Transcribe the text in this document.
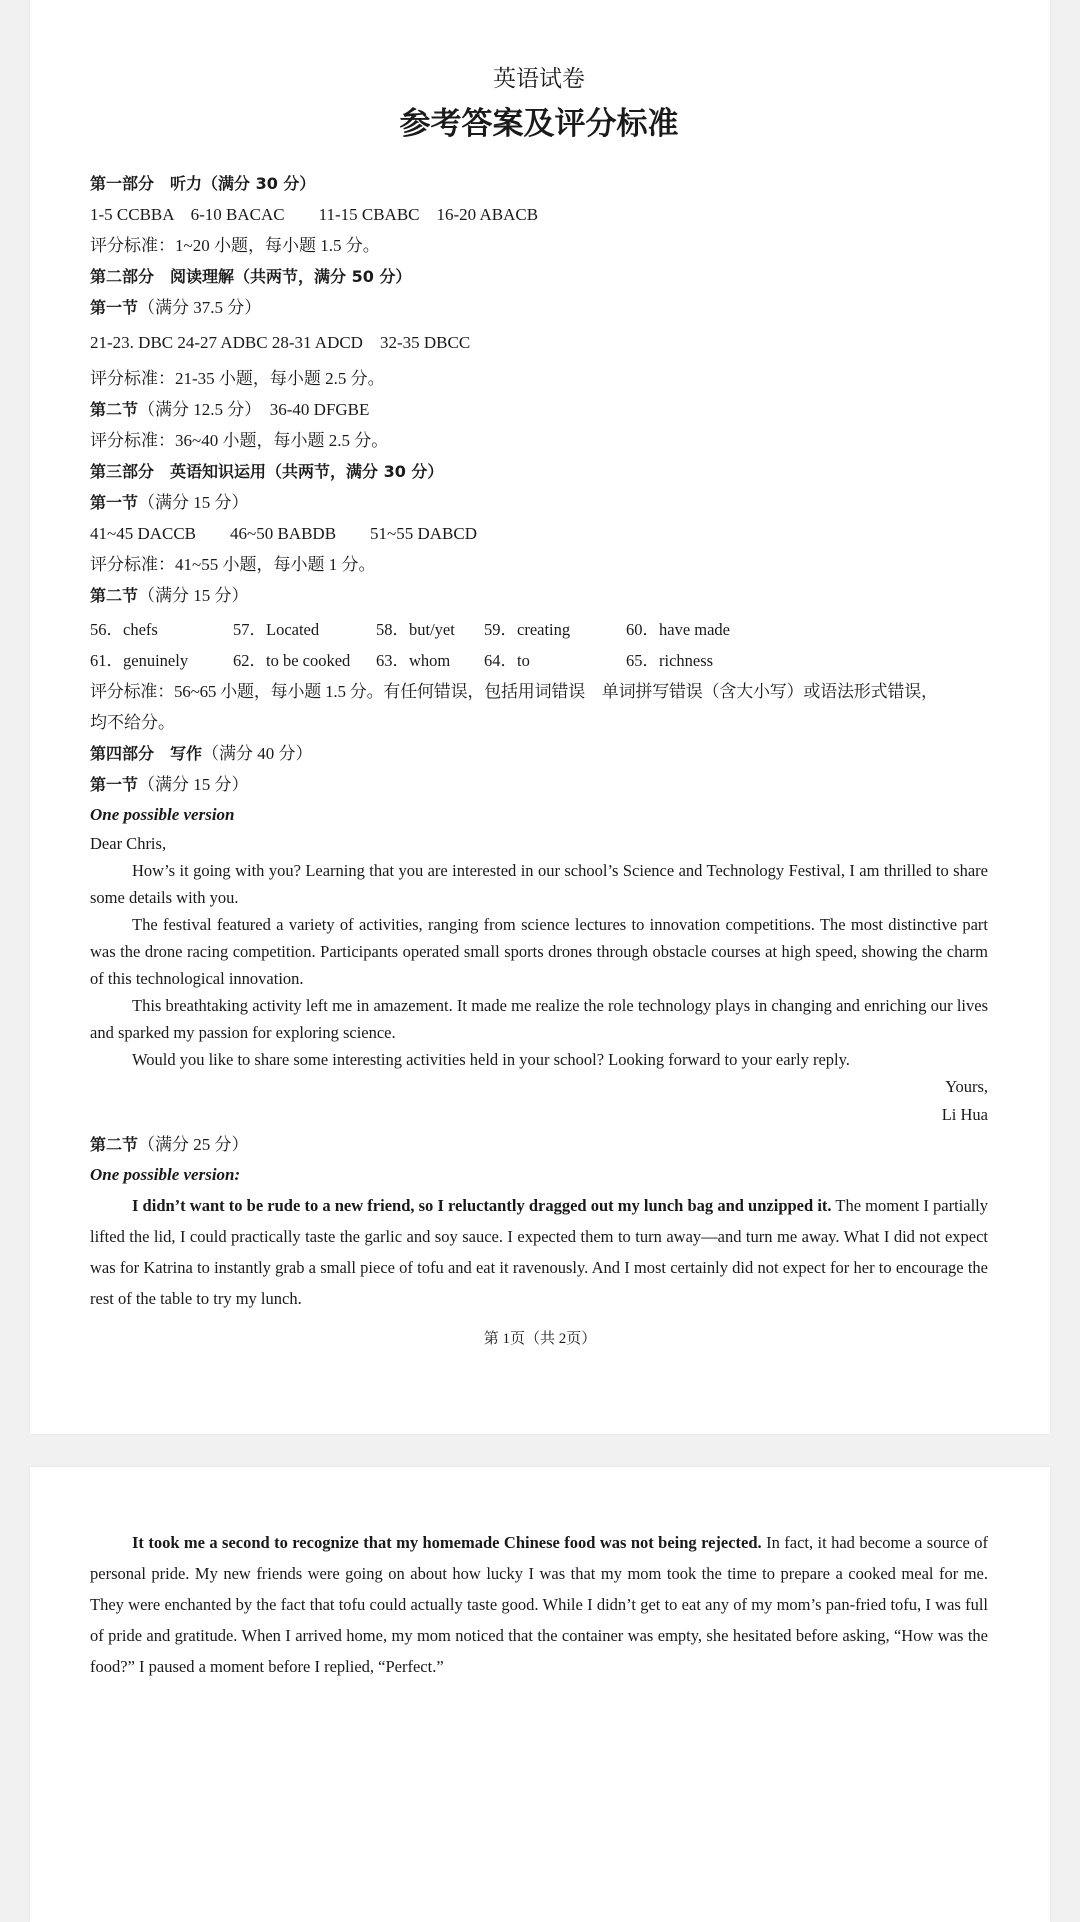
英语试卷
参考答案及评分标准
第一部分　听力（满分 30 分）
1-5 CCBBA　6-10 BACAC　　11-15 CBABC　16-20 ABACB
评分标准：1~20 小题，每小题 1.5 分。
第二部分　阅读理解（共两节，满分 50 分）
第一节（满分 37.5 分）
21-23. DBC 24-27 ADBC 28-31 ADCD　32-35 DBCC
评分标准：21-35 小题，每小题 2.5 分。
第二节（满分 12.5 分）　36-40 DFGBE
评分标准：36~40 小题，每小题 2.5 分。
第三部分　英语知识运用（共两节，满分 30 分）
第一节（满分 15 分）
41~45 DACCB　　46~50 BABDB　　51~55 DABCD
评分标准：41~55 小题，每小题 1 分。
第二节（满分 15 分）
56．chefs	57．Located	58．but/yet	59．creating	60．have made
61．genuinely	62．to be cooked	63．whom	64．to	65．richness
评分标准：56~65 小题，每小题 1.5 分。有任何错误，包括用词错误　单词拼写错误（含大小写）或语法形式错误，
均不给分。
第四部分　写作（满分 40 分）
第一节（满分 15 分）
One possible version
Dear Chris,

How’s it going with you? Learning that you are interested in our school’s Science and Technology Festival, I am thrilled to share some details with you.

The festival featured a variety of activities, ranging from science lectures to innovation competitions. The most distinctive part was the drone racing competition. Participants operated small sports drones through obstacle courses at high speed, showing the charm of this technological innovation.

This breathtaking activity left me in amazement. It made me realize the role technology plays in changing and enriching our lives and sparked my passion for exploring science.

Would you like to share some interesting activities held in your school? Looking forward to your early reply.

Yours,
Li Hua
第二节（满分 25 分）
One possible version:

I didn’t want to be rude to a new friend, so I reluctantly dragged out my lunch bag and unzipped it. The moment I partially lifted the lid, I could practically taste the garlic and soy sauce. I expected them to turn away—and turn me away. What I did not expect was for Katrina to instantly grab a small piece of tofu and eat it ravenously. And I most certainly did not expect for her to encourage the rest of the table to try my lunch.

第 1页（共 2页）

It took me a second to recognize that my homemade Chinese food was not being rejected. In fact, it had become a source of personal pride. My new friends were going on about how lucky I was that my mom took the time to prepare a cooked meal for me. They were enchanted by the fact that tofu could actually taste good. While I didn’t get to eat any of my mom’s pan-fried tofu, I was full of pride and gratitude. When I arrived home, my mom noticed that the container was empty, she hesitated before asking, “How was the food?” I paused a moment before I replied, “Perfect.”
